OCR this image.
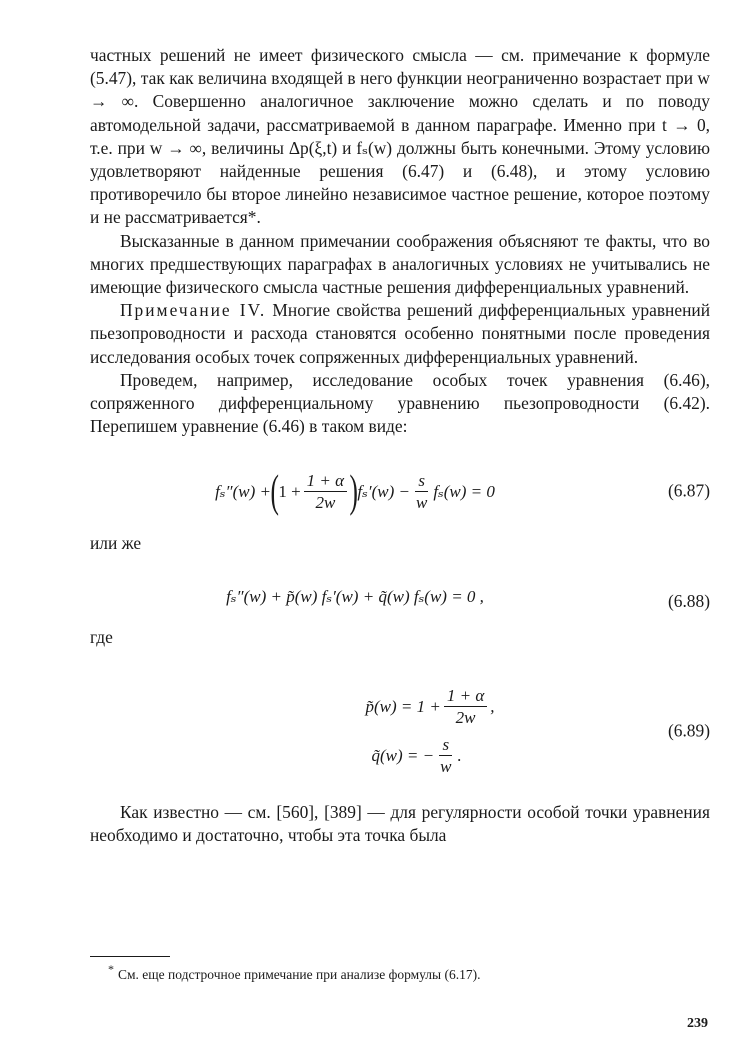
частных решений не имеет физического смысла — см. примечание к формуле (5.47), так как величина входящей в него функции неограниченно возрастает при w → ∞. Совершенно аналогичное заключение можно сделать и по поводу автомодельной задачи, рассматриваемой в данном параграфе. Именно при t → 0, т.е. при w → ∞, величины Δp(ξ,t) и fₛ(w) должны быть конечными. Этому условию удовлетворяют найденные решения (6.47) и (6.48), и этому условию противоречило бы второе линейно независимое частное решение, которое поэтому и не рассматривается*.

Высказанные в данном примечании соображения объясняют те факты, что во многих предшествующих параграфах в аналогичных условиях не учитывались не имеющие физического смысла частные решения дифференциальных уравнений.

Примечание IV. Многие свойства решений дифференциальных уравнений пьезопроводности и расхода становятся особенно понятными после проведения исследования особых точек сопряженных дифференциальных уравнений.

Проведем, например, исследование особых точек уравнения (6.46), сопряженного дифференциальному уравнению пьезопроводности (6.42). Перепишем уравнение (6.46) в таком виде:

fₛ″(w) + ( $1 + \frac{1 + \alpha}{2w}$ ) $f_s'(w) - \frac{s}{w} f_s(w) = 0$	(6.87)

или же

fₛ″(w) + p̃(w) fₛ′(w) + q̃(w) fₛ(w) = 0 ,	(6.88)

где

p̃(w) = $1 + \frac{1 + \alpha}{2w}$ ,
q̃(w) = − $\frac{s}{w}$ .
(6.89)

Как известно — см. [560], [389] — для регулярности особой точки уравнения необходимо и достаточно, чтобы эта точка была

* См. еще подстрочное примечание при анализе формулы (6.17).
239
